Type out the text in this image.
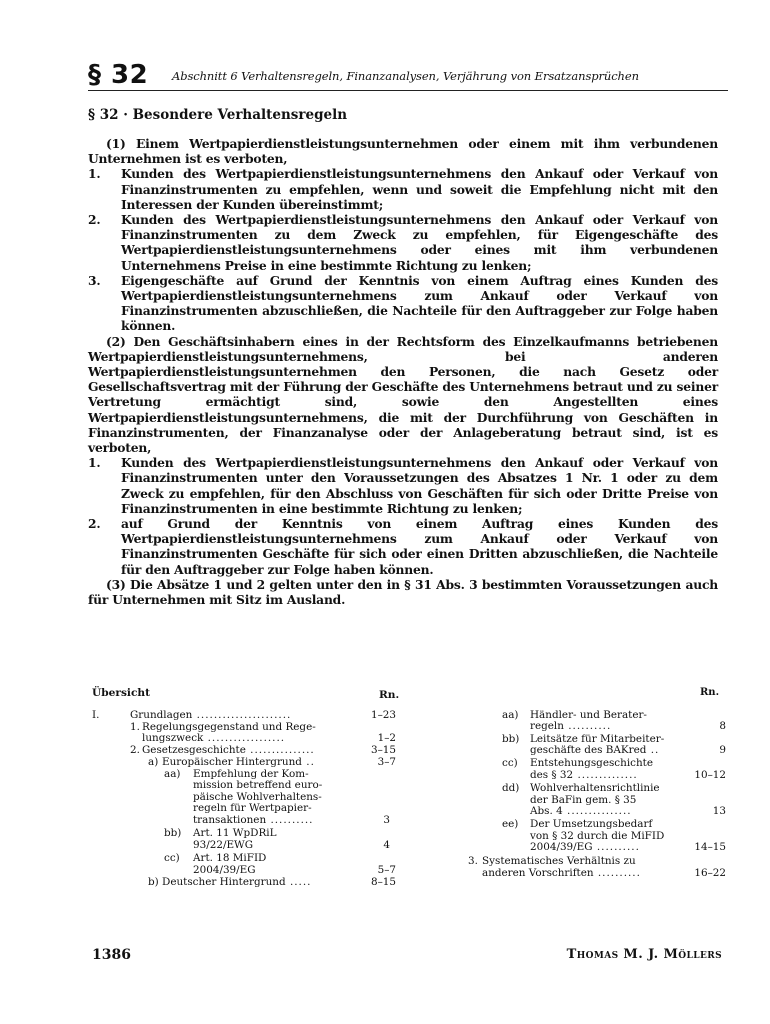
§ 32 Abschnitt 6 Verhaltensregeln, Finanzanalysen, Verjährung von Ersatzansprüchen
§ 32 · Besondere Verhaltensregeln

(1) Einem Wertpapierdienstleistungsunternehmen oder einem mit ihm verbundenen Unternehmen ist es verboten,

1. Kunden des Wertpapierdienstleistungsunternehmens den Ankauf oder Verkauf von Finanzinstrumenten zu empfehlen, wenn und soweit die Empfehlung nicht mit den Interessen der Kunden übereinstimmt;

2. Kunden des Wertpapierdienstleistungsunternehmens den Ankauf oder Verkauf von Finanzinstrumenten zu dem Zweck zu empfehlen, für Eigengeschäfte des Wertpapierdienstleistungsunternehmens oder eines mit ihm verbundenen Unternehmens Preise in eine bestimmte Richtung zu lenken;

3. Eigengeschäfte auf Grund der Kenntnis von einem Auftrag eines Kunden des Wertpapierdienstleistungsunternehmens zum Ankauf oder Verkauf von Finanzinstrumenten abzuschließen, die Nachteile für den Auftraggeber zur Folge haben können.

(2) Den Geschäftsinhabern eines in der Rechtsform des Einzelkaufmanns betriebenen Wertpapierdienstleistungsunternehmens, bei anderen Wertpapierdienstleistungsunternehmen den Personen, die nach Gesetz oder Gesellschaftsvertrag mit der Führung der Geschäfte des Unternehmens betraut und zu seiner Vertretung ermächtigt sind, sowie den Angestellten eines Wertpapierdienstleistungsunternehmens, die mit der Durchführung von Geschäften in Finanzinstrumenten, der Finanzanalyse oder der Anlageberatung betraut sind, ist es verboten,

1. Kunden des Wertpapierdienstleistungsunternehmens den Ankauf oder Verkauf von Finanzinstrumenten unter den Voraussetzungen des Absatzes 1 Nr. 1 oder zu dem Zweck zu empfehlen, für den Abschluss von Geschäften für sich oder Dritte Preise von Finanzinstrumenten in eine bestimmte Richtung zu lenken;

2. auf Grund der Kenntnis von einem Auftrag eines Kunden des Wertpapierdienstleistungsunternehmens zum Ankauf oder Verkauf von Finanzinstrumenten Geschäfte für sich oder einen Dritten abzuschließen, die Nachteile für den Auftraggeber zur Folge haben können.

(3) Die Absätze 1 und 2 gelten unter den in § 31 Abs. 3 bestimmten Voraussetzungen auch für Unternehmen mit Sitz im Ausland.

Übersicht	Rn.	Rn.
I.	Grundlagen ......................	1–23
1. Regelungsgegenstand und Rege-
lungszweck ..................	1–2
2. Gesetzesgeschichte ...............	3–15
a) Europäischer Hintergrund ..	3–7
aa) Empfehlung der Kom-
mission betreffend euro-
päische Wohlverhaltens-
regeln für Wertpapier-
transaktionen ..........	3
bb) Art. 11 WpDRiL
93/22/EWG	4
cc) Art. 18 MiFID
2004/39/EG	5–7
b) Deutscher Hintergrund .....	8–15
aa) Händler- und Berater-
regeln ..........	8
bb) Leitsätze für Mitarbeiter-
geschäfte des BAKred ..	9
cc) Entstehungsgeschichte
des § 32 ..............	10–12
dd) Wohlverhaltensrichtlinie
der BaFin gem. § 35
Abs. 4 ...............	13
ee) Der Umsetzungsbedarf
von § 32 durch die MiFID
2004/39/EG ..........	14–15
3. Systematisches Verhältnis zu
anderen Vorschriften ..........	16–22
1386	Thomas M. J. Möllers
